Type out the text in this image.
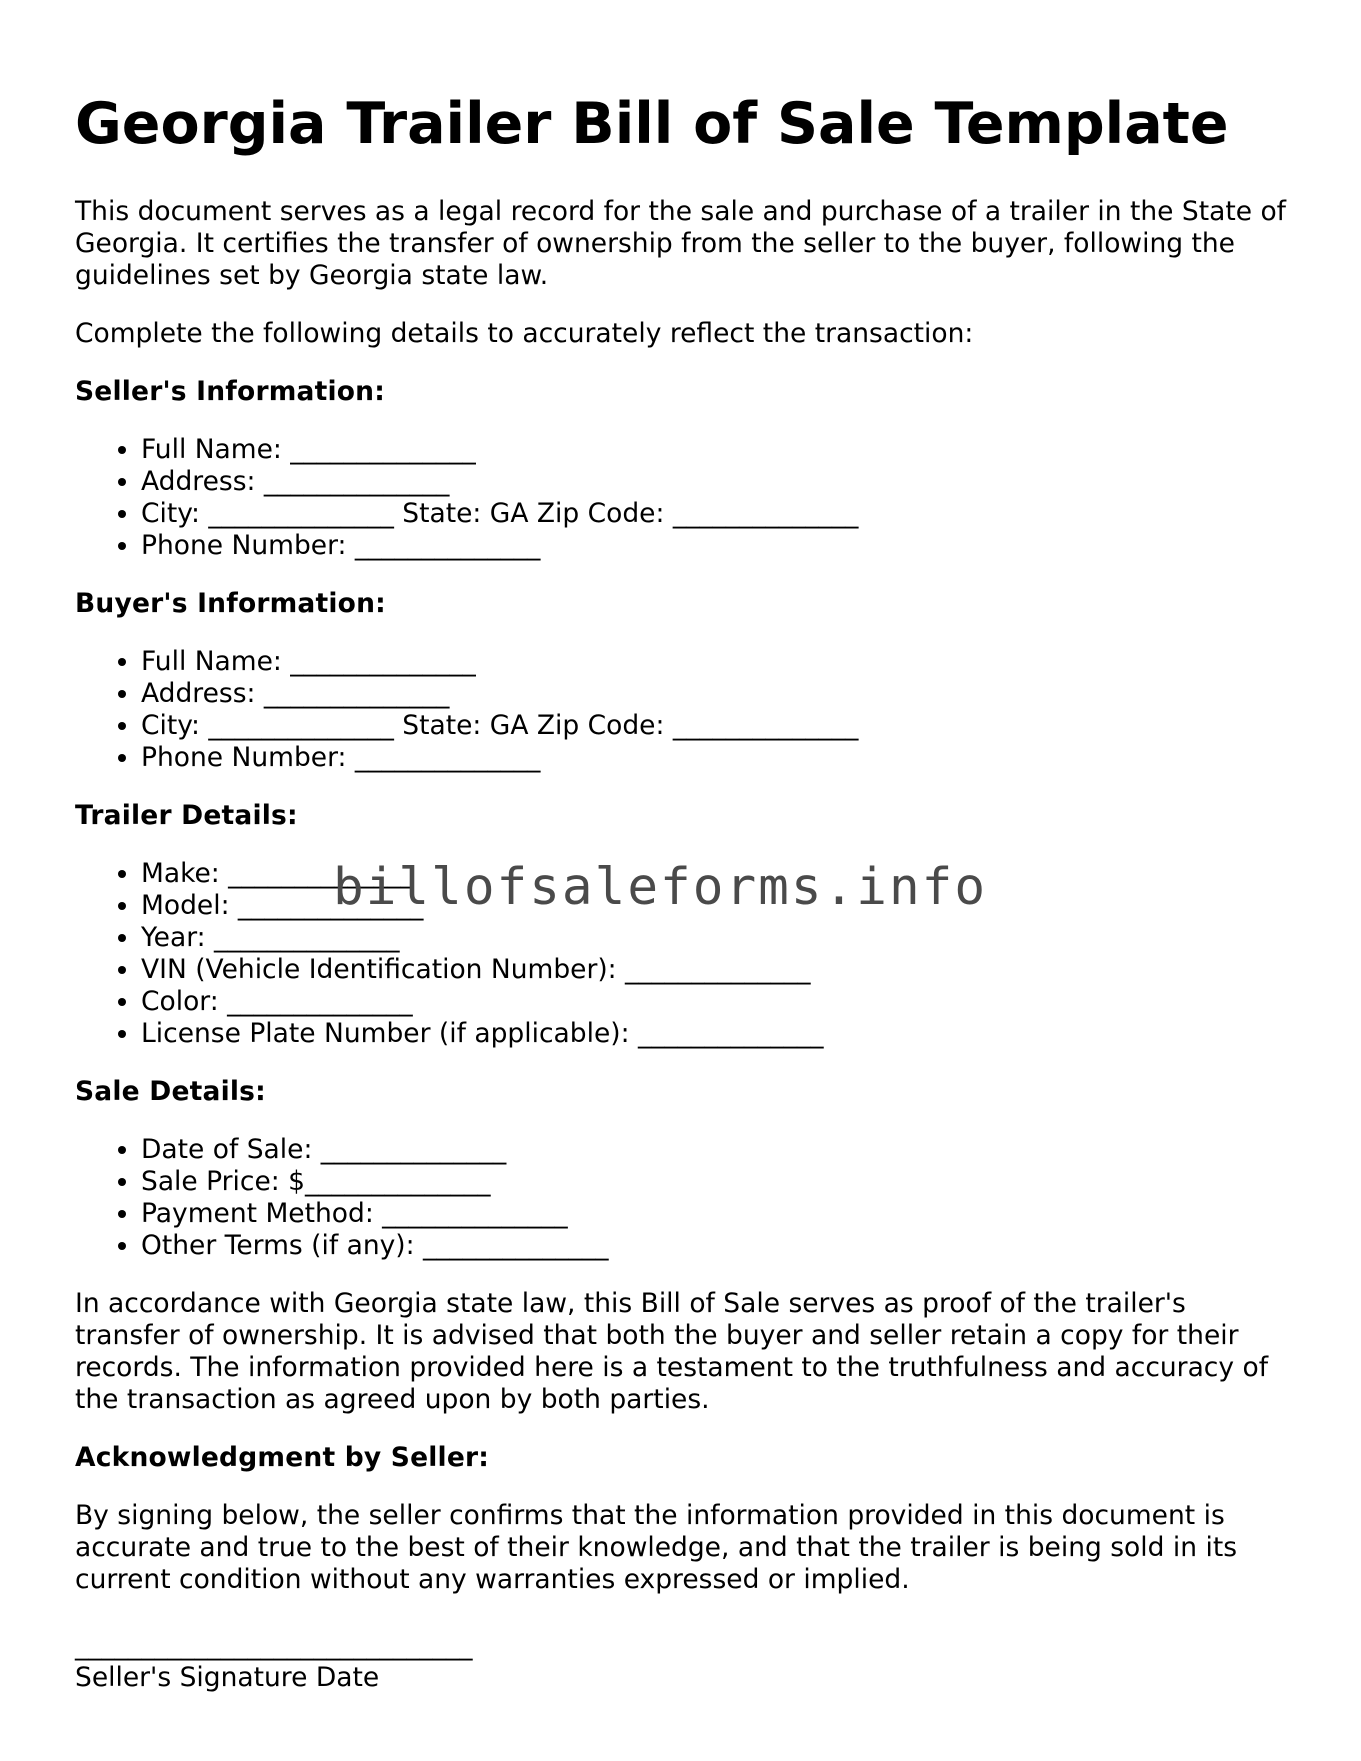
Georgia Trailer Bill of Sale Template

This document serves as a legal record for the sale and purchase of a trailer in the State of Georgia. It certifies the transfer of ownership from the seller to the buyer, following the guidelines set by Georgia state law.

Complete the following details to accurately reflect the transaction:

Seller's Information:
• Full Name: ______________
• Address: ______________
• City: ______________ State: GA Zip Code: ______________
• Phone Number: ______________
Buyer's Information:
• Full Name: ______________
• Address: ______________
• City: ______________ State: GA Zip Code: ______________
• Phone Number: ______________
Trailer Details:
• Make: ______________
• Model: ______________
• Year: ______________
• VIN (Vehicle Identification Number): ______________
• Color: ______________
• License Plate Number (if applicable): ______________
Sale Details:
• Date of Sale: ______________
• Sale Price: $______________
• Payment Method: ______________
• Other Terms (if any): ______________

In accordance with Georgia state law, this Bill of Sale serves as proof of the trailer's transfer of ownership. It is advised that both the buyer and seller retain a copy for their records. The information provided here is a testament to the truthfulness and accuracy of the transaction as agreed upon by both parties.

Acknowledgment by Seller:

By signing below, the seller confirms that the information provided in this document is accurate and true to the best of their knowledge, and that the trailer is being sold in its current condition without any warranties expressed or implied.

______________________________
Seller's Signature Date
billofsaleforms.info
